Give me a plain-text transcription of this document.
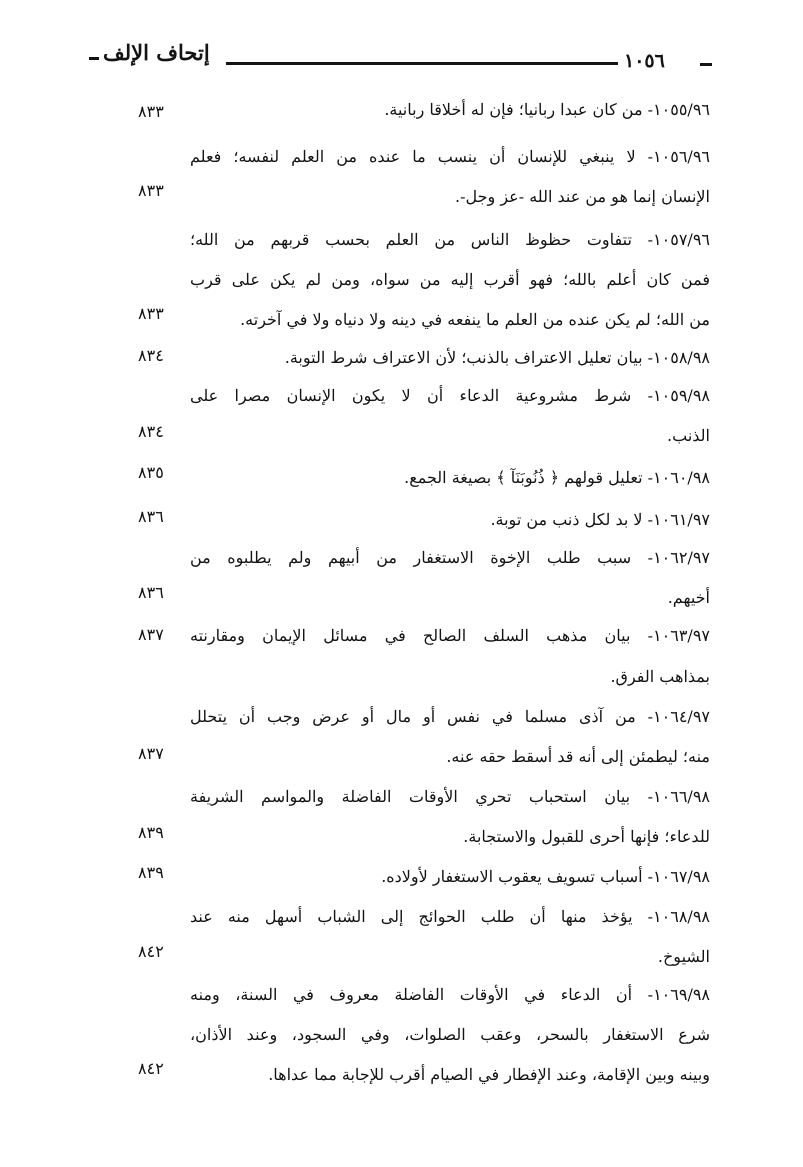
إتحاف الإلف	١٠٥٦
١٠٥٥/٩٦- من كان عبدا ربانيا؛ فإن له أخلاقا ربانية.
٨٣٣
١٠٥٦/٩٦- لا ينبغي للإنسان أن ينسب ما عنده من العلم لنفسه؛ فعلم
الإنسان إنما هو من عند الله -عز وجل-.
٨٣٣
١٠٥٧/٩٦- تتفاوت حظوظ الناس من العلم بحسب قربهم من الله؛
فمن كان أعلم بالله؛ فهو أقرب إليه من سواه، ومن لم يكن على قرب
من الله؛ لم يكن عنده من العلم ما ينفعه في دينه ولا دنياه ولا في آخرته.
٨٣٣
١٠٥٨/٩٨- بيان تعليل الاعتراف بالذنب؛ لأن الاعتراف شرط التوبة.
٨٣٤
١٠٥٩/٩٨- شرط مشروعية الدعاء أن لا يكون الإنسان مصرا على
الذنب.
٨٣٤
١٠٦٠/٩٨- تعليل قولهم ﴿ ذُنُوبَنَآ ﴾ بصيغة الجمع.
٨٣٥
١٠٦١/٩٧- لا بد لكل ذنب من توبة.
٨٣٦
١٠٦٢/٩٧- سبب طلب الإخوة الاستغفار من أبيهم ولم يطلبوه من
أخيهم.
٨٣٦
١٠٦٣/٩٧- بيان مذهب السلف الصالح في مسائل الإيمان ومقارنته
بمذاهب الفرق.
٨٣٧
١٠٦٤/٩٧- من آذى مسلما في نفس أو مال أو عرض وجب أن يتحلل
منه؛ ليطمئن إلى أنه قد أسقط حقه عنه.
٨٣٧
١٠٦٦/٩٨- بيان استحباب تحري الأوقات الفاضلة والمواسم الشريفة
للدعاء؛ فإنها أحرى للقبول والاستجابة.
٨٣٩
١٠٦٧/٩٨- أسباب تسويف يعقوب الاستغفار لأولاده.
٨٣٩
١٠٦٨/٩٨- يؤخذ منها أن طلب الحوائج إلى الشباب أسهل منه عند
الشيوخ.
٨٤٢
١٠٦٩/٩٨- أن الدعاء في الأوقات الفاضلة معروف في السنة، ومنه
شرع الاستغفار بالسحر، وعقب الصلوات، وفي السجود، وعند الأذان،
وبينه وبين الإقامة، وعند الإفطار في الصيام أقرب للإجابة مما عداها.
٨٤٢
